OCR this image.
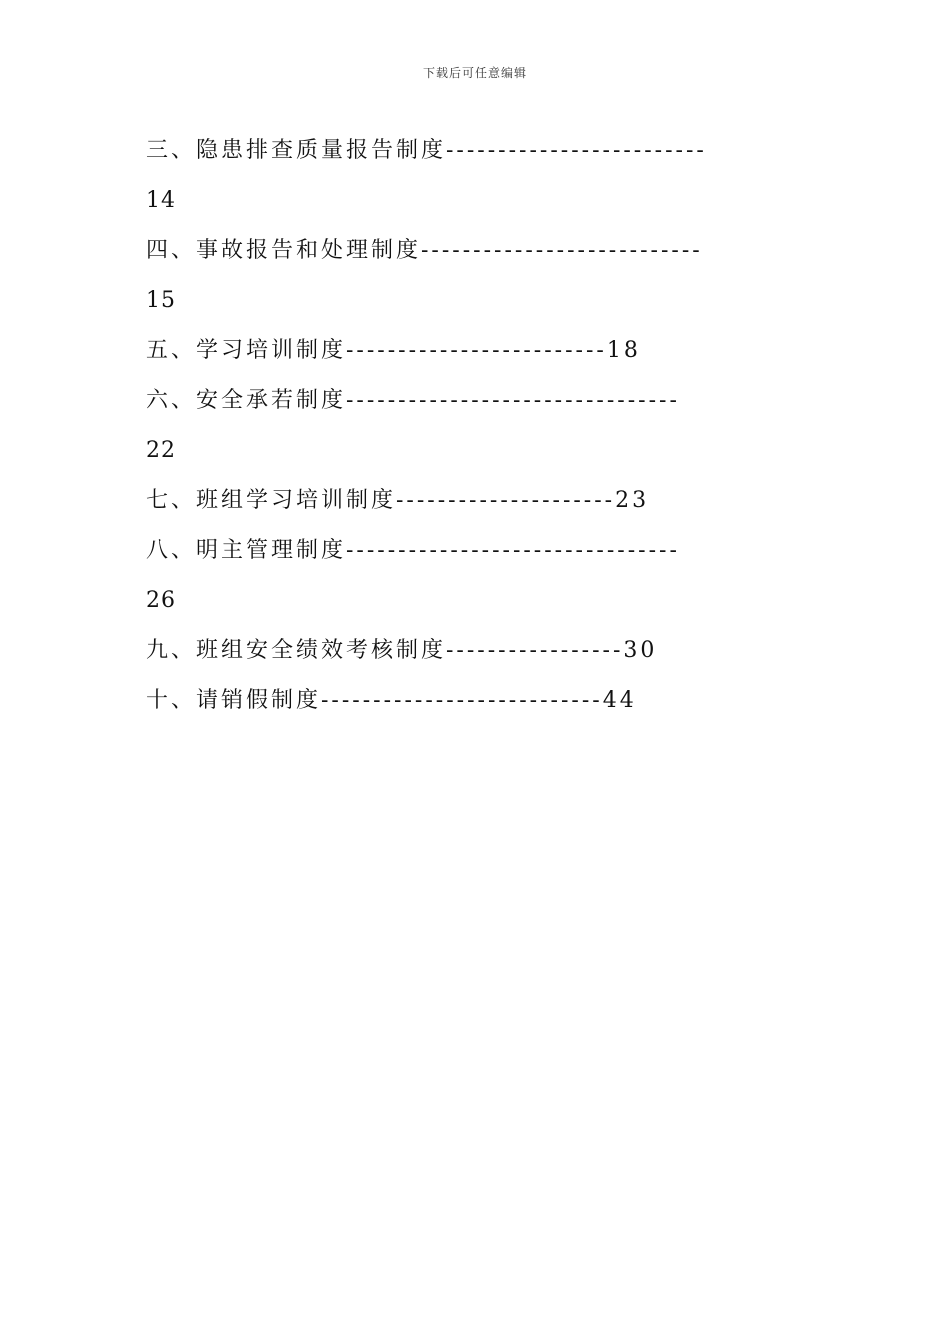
下载后可任意编辑
三、隐患排查质量报告制度-------------------------
14
四、事故报告和处理制度---------------------------
15
五、学习培训制度-------------------------18
六、安全承若制度--------------------------------
22
七、班组学习培训制度---------------------23
八、明主管理制度--------------------------------
26
九、班组安全绩效考核制度-----------------30
十、请销假制度---------------------------44
